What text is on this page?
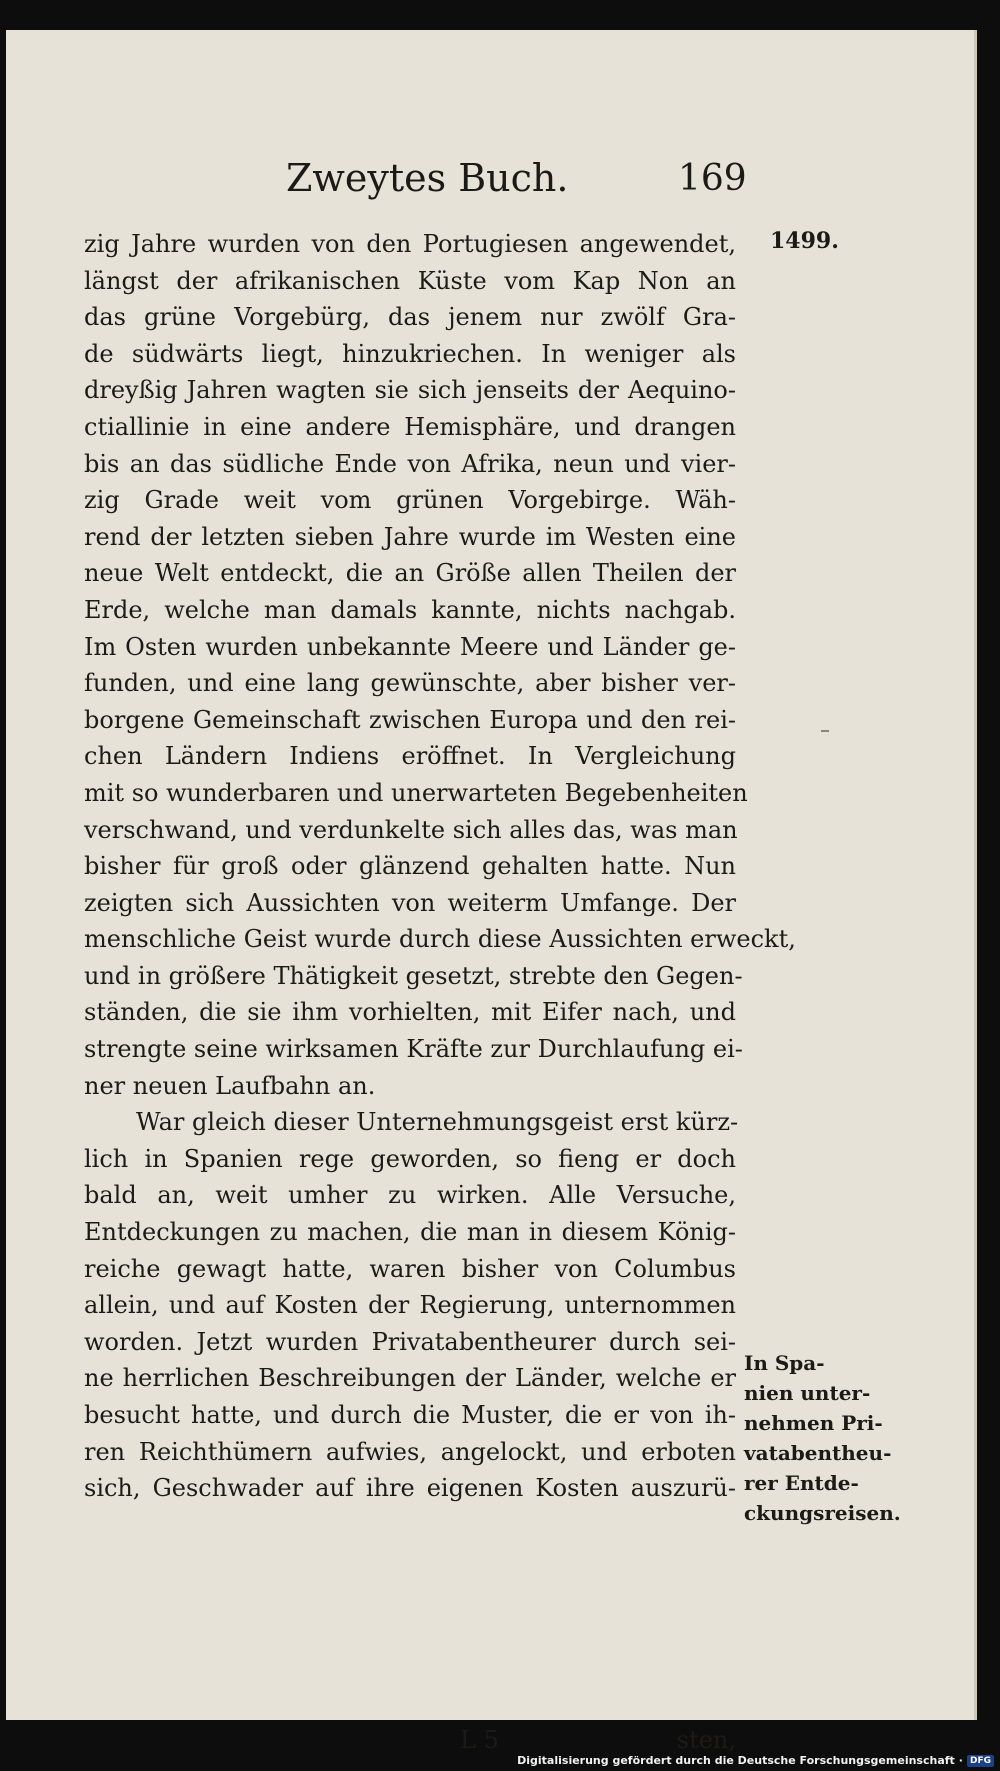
Zweytes Buch.	169
1499.
zig Jahre wurden von den Portugiesen angewendet,
längst der afrikanischen Küste vom Kap Non an
das grüne Vorgebürg, das jenem nur zwölf Gra-
de südwärts liegt, hinzukriechen. In weniger als
dreyßig Jahren wagten sie sich jenseits der Aequino-
ctiallinie in eine andere Hemisphäre, und drangen
bis an das südliche Ende von Afrika, neun und vier-
zig Grade weit vom grünen Vorgebirge. Wäh-
rend der letzten sieben Jahre wurde im Westen eine
neue Welt entdeckt, die an Größe allen Theilen der
Erde, welche man damals kannte, nichts nachgab.
Im Osten wurden unbekannte Meere und Länder ge-
funden, und eine lang gewünschte, aber bisher ver-
borgene Gemeinschaft zwischen Europa und den rei-
chen Ländern Indiens eröffnet. In Vergleichung
mit so wunderbaren und unerwarteten Begebenheiten
verschwand, und verdunkelte sich alles das, was man
bisher für groß oder glänzend gehalten hatte. Nun
zeigten sich Aussichten von weiterm Umfange. Der
menschliche Geist wurde durch diese Aussichten erweckt,
und in größere Thätigkeit gesetzt, strebte den Gegen-
ständen, die sie ihm vorhielten, mit Eifer nach, und
strengte seine wirksamen Kräfte zur Durchlaufung ei-
ner neuen Laufbahn an.
War gleich dieser Unternehmungsgeist erst kürz-
lich in Spanien rege geworden, so fieng er doch
bald an, weit umher zu wirken. Alle Versuche,
Entdeckungen zu machen, die man in diesem König-
reiche gewagt hatte, waren bisher von Columbus
allein, und auf Kosten der Regierung, unternommen
worden. Jetzt wurden Privatabentheurer durch sei-
ne herrlichen Beschreibungen der Länder, welche er
besucht hatte, und durch die Muster, die er von ih-
ren Reichthümern aufwies, angelockt, und erboten
sich, Geschwader auf ihre eigenen Kosten auszurü-
L 5	sten,
In Spa-
nien unter-
nehmen Pri-
vatabentheu-
rer Entde-
ckungsreisen.
Digitalisierung gefördert durch die Deutsche Forschungsgemeinschaft · DFG
